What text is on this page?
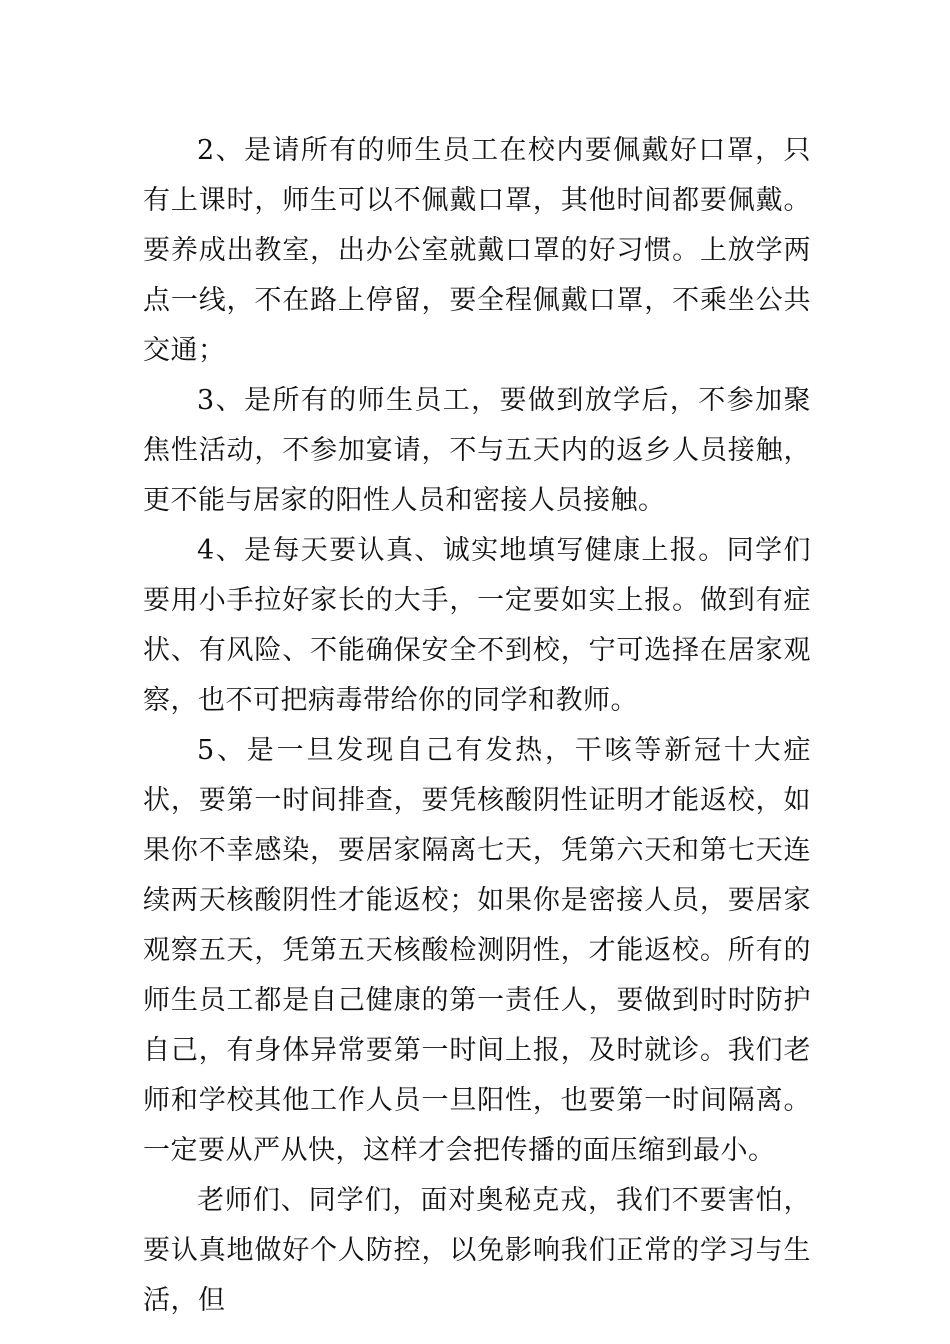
2、是请所有的师生员工在校内要佩戴好口罩，只有上课时，师生可以不佩戴口罩，其他时间都要佩戴。要养成出教室，出办公室就戴口罩的好习惯。上放学两点一线，不在路上停留，要全程佩戴口罩，不乘坐公共交通；

3、是所有的师生员工，要做到放学后，不参加聚焦性活动，不参加宴请，不与五天内的返乡人员接触，更不能与居家的阳性人员和密接人员接触。

4、是每天要认真、诚实地填写健康上报。同学们要用小手拉好家长的大手，一定要如实上报。做到有症状、有风险、不能确保安全不到校，宁可选择在居家观察，也不可把病毒带给你的同学和教师。

5、是一旦发现自己有发热，干咳等新冠十大症状，要第一时间排查，要凭核酸阴性证明才能返校，如果你不幸感染，要居家隔离七天，凭第六天和第七天连续两天核酸阴性才能返校；如果你是密接人员，要居家观察五天，凭第五天核酸检测阴性，才能返校。所有的师生员工都是自己健康的第一责任人，要做到时时防护自己，有身体异常要第一时间上报，及时就诊。我们老师和学校其他工作人员一旦阳性，也要第一时间隔离。一定要从严从快，这样才会把传播的面压缩到最小。

老师们、同学们，面对奥秘克戎，我们不要害怕，要认真地做好个人防控，以免影响我们正常的学习与生活，但
